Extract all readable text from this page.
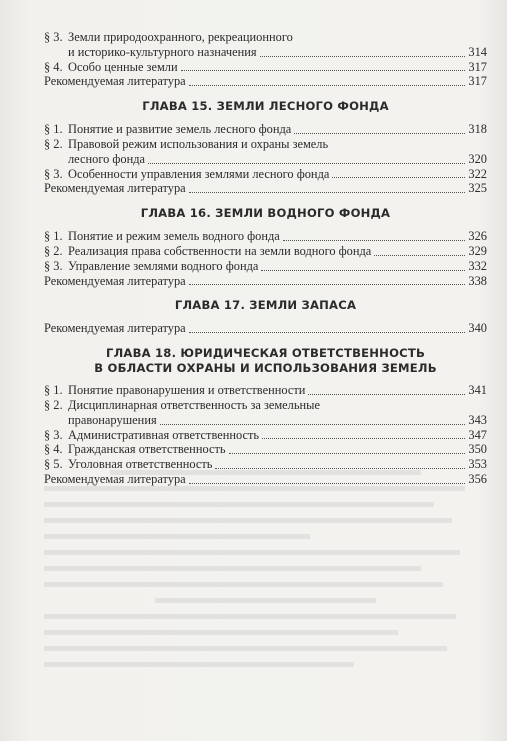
§ 3. Земли природоохранного, рекреационного
и историко-культурного назначения	314
§ 4. Особо ценные земли	317
Рекомендуемая литература	317
ГЛАВА 15. ЗЕМЛИ ЛЕСНОГО ФОНДА
§ 1. Понятие и развитие земель лесного фонда	318
§ 2. Правовой режим использования и охраны земель
лесного фонда	320
§ 3. Особенности управления землями лесного фонда	322
Рекомендуемая литература	325
ГЛАВА 16. ЗЕМЛИ ВОДНОГО ФОНДА
§ 1. Понятие и режим земель водного фонда	326
§ 2. Реализация права собственности на земли водного фонда	329
§ 3. Управление землями водного фонда	332
Рекомендуемая литература	338
ГЛАВА 17. ЗЕМЛИ ЗАПАСА
Рекомендуемая литература	340
ГЛАВА 18. ЮРИДИЧЕСКАЯ ОТВЕТСТВЕННОСТЬ
В ОБЛАСТИ ОХРАНЫ И ИСПОЛЬЗОВАНИЯ ЗЕМЕЛЬ
§ 1. Понятие правонарушения и ответственности	341
§ 2. Дисциплинарная ответственность за земельные
правонарушения	343
§ 3. Административная ответственность	347
§ 4. Гражданская ответственность	350
§ 5. Уголовная ответственность	353
Рекомендуемая литература	356
